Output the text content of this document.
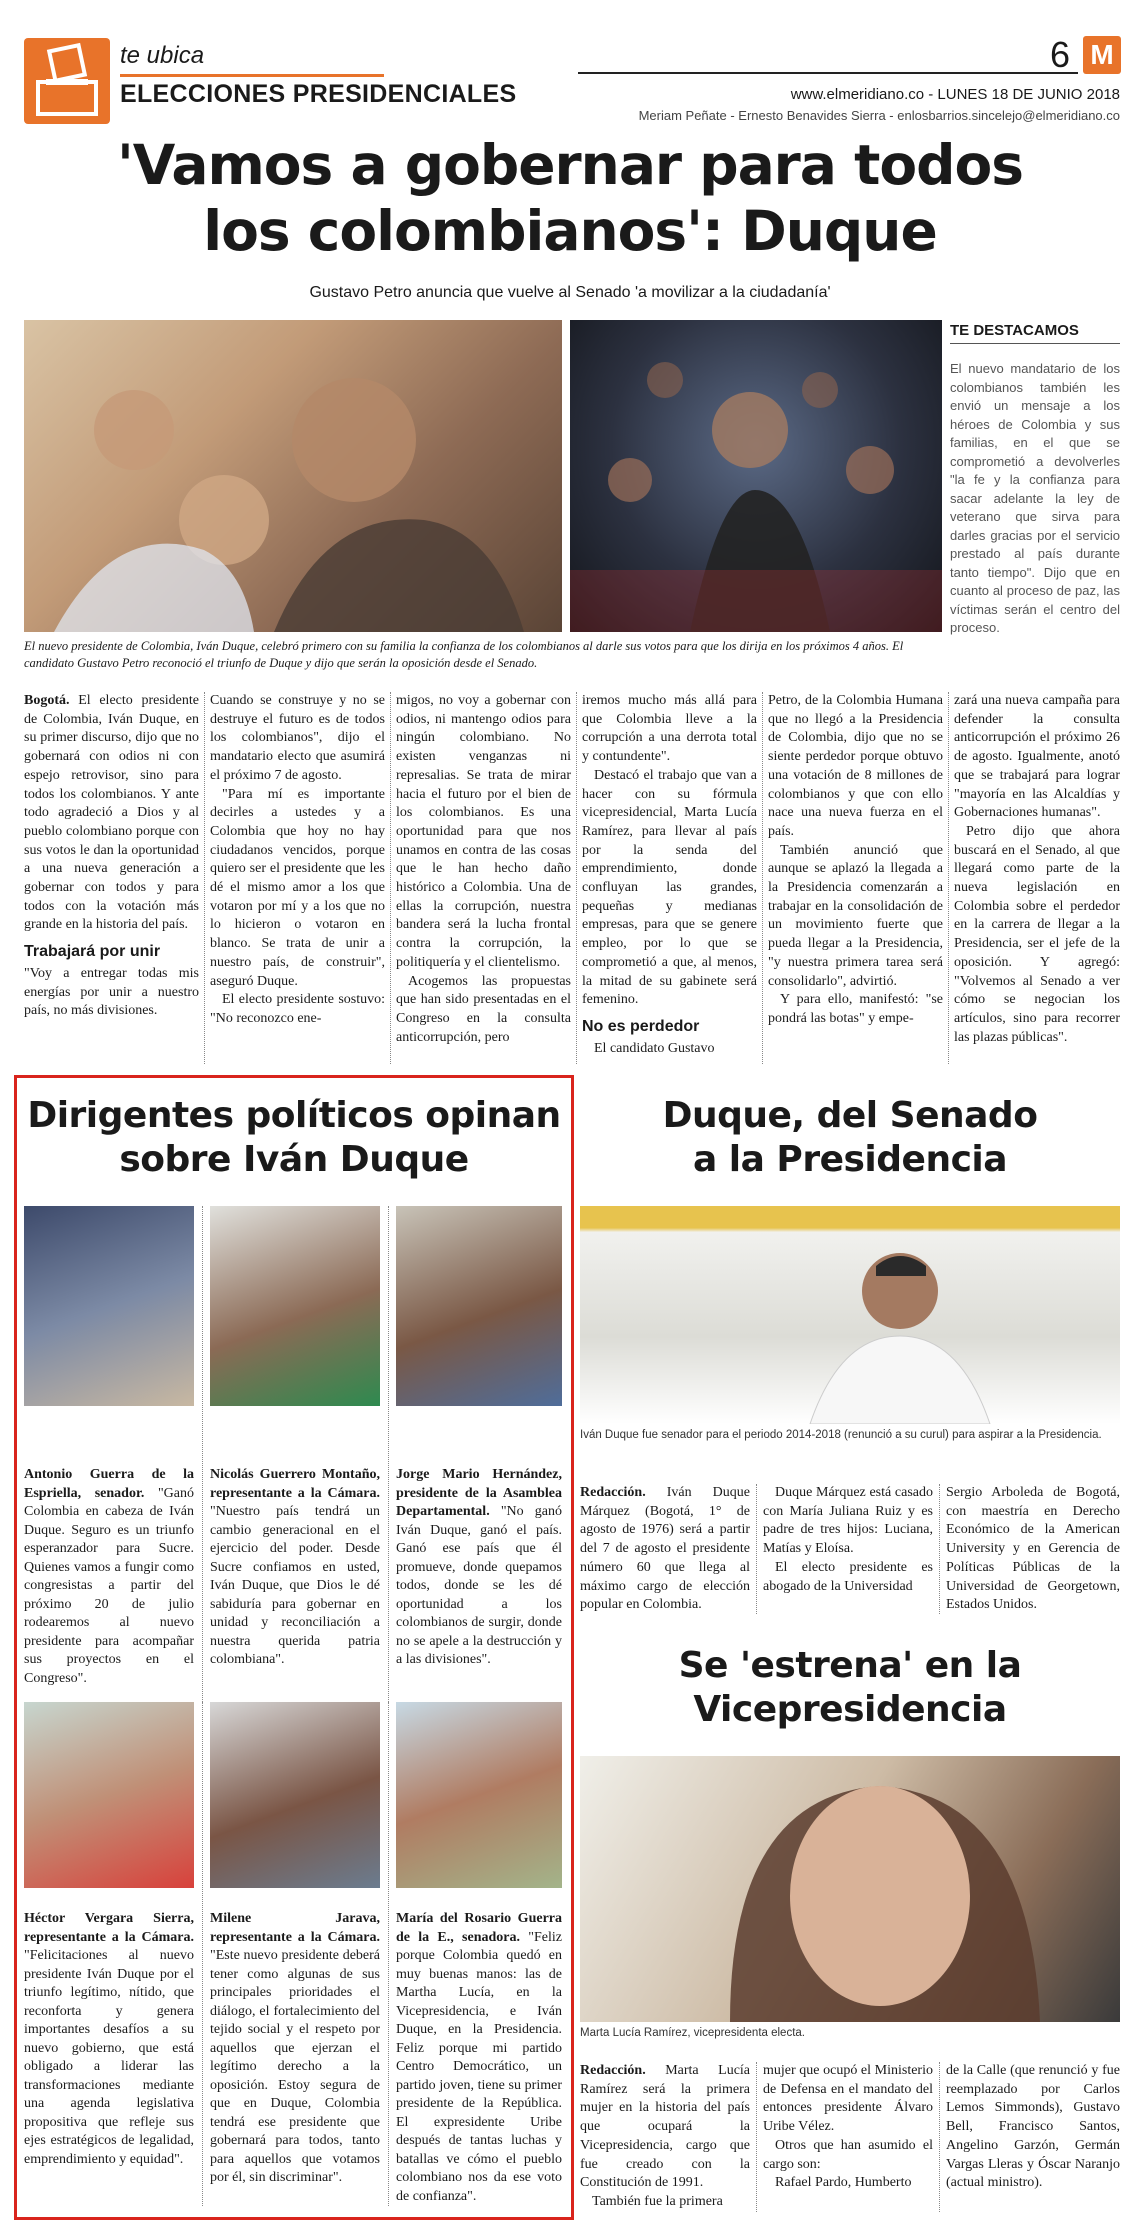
te ubica
ELECCIONES PRESIDENCIALES
6 M
www.elmeridiano.co - LUNES 18 DE JUNIO 2018
Meriam Peñate - Ernesto Benavides Sierra - enlosbarrios.sincelejo@elmeridiano.co
'Vamos a gobernar para todos
los colombianos': Duque
Gustavo Petro anuncia que vuelve al Senado 'a movilizar a la ciudadanía'
El nuevo presidente de Colombia, Iván Duque, celebró primero con su familia la confianza de los colombianos al darle sus votos para que los dirija en los próximos 4 años. El candidato Gustavo Petro reconoció el triunfo de Duque y dijo que serán la oposición desde el Senado.
TE DESTACAMOS
El nuevo mandatario de los colombianos también les envió un mensaje a los héroes de Colombia y sus familias, en el que se comprometió a devolverles "la fe y la confianza para sacar adelante la ley de veterano que sirva para darles gracias por el servicio prestado al país durante tanto tiempo". Dijo que en cuanto al proceso de paz, las víctimas serán el centro del proceso.

Bogotá. El electo presidente de Colombia, Iván Duque, en su primer discurso, dijo que no gobernará con odios ni con espejo retrovisor, sino para todos los colombianos. Y ante todo agradeció a Dios y al pueblo colombiano porque con sus votos le dan la oportunidad a una nueva generación a gobernar con todos y para todos con la votación más grande en la historia del país.

Trabajará por unir

"Voy a entregar todas mis energías por unir a nuestro país, no más divisiones.

Cuando se construye y no se destruye el futuro es de todos los colombianos", dijo el mandatario electo que asumirá el próximo 7 de agosto.

"Para mí es importante decirles a ustedes y a Colombia que hoy no hay ciudadanos vencidos, porque quiero ser el presidente que les dé el mismo amor a los que votaron por mí y a los que no lo hicieron o votaron en blanco. Se trata de unir a nuestro país, de construir", aseguró Duque.

El electo presidente sostuvo: "No reconozco ene-

migos, no voy a gobernar con odios, ni mantengo odios para ningún colombiano. No existen venganzas ni represalias. Se trata de mirar hacia el futuro por el bien de los colombianos. Es una oportunidad para que nos unamos en contra de las cosas que le han hecho daño histórico a Colombia. Una de ellas la corrupción, nuestra bandera será la lucha frontal contra la corrupción, la politiquería y el clientelismo.

Acogemos las propuestas que han sido presentadas en el Congreso en la consulta anticorrupción, pero

iremos mucho más allá para que Colombia lleve a la corrupción a una derrota total y contundente".

Destacó el trabajo que van a hacer con su fórmula vicepresidencial, Marta Lucía Ramírez, para llevar al país por la senda del emprendimiento, donde confluyan las grandes, pequeñas y medianas empresas, para que se genere empleo, por lo que se comprometió a que, al menos, la mitad de su gabinete será femenino.

No es perdedor

El candidato Gustavo

Petro, de la Colombia Humana que no llegó a la Presidencia de Colombia, dijo que no se siente perdedor porque obtuvo una votación de 8 millones de colombianos y que con ello nace una nueva fuerza en el país.

También anunció que aunque se aplazó la llegada a la Presidencia comenzarán a trabajar en la consolidación de un movimiento fuerte que pueda llegar a la Presidencia, "y nuestra primera tarea será consolidarlo", advirtió.

Y para ello, manifestó: "se pondrá las botas" y empe-

zará una nueva campaña para defender la consulta anticorrupción el próximo 26 de agosto. Igualmente, anotó que se trabajará para lograr "mayoría en las Alcaldías y Gobernaciones humanas".

Petro dijo que ahora buscará en el Senado, al que llegará como parte de la nueva legislación en Colombia sobre el perdedor en la carrera de llegar a la Presidencia, ser el jefe de la oposición. Y agregó: "Volvemos al Senado a ver cómo se negocian los artículos, sino para recorrer las plazas públicas".

Dirigentes políticos opinan sobre Iván Duque
Antonio Guerra de la Espriella, senador. "Ganó Colombia en cabeza de Iván Duque. Seguro es un triunfo esperanzador para Sucre. Quienes vamos a fungir como congresistas a partir del próximo 20 de julio rodearemos al nuevo presidente para acompañar sus proyectos en el Congreso".
Nicolás Guerrero Montaño, representante a la Cámara. "Nuestro país tendrá un cambio generacional en el ejercicio del poder. Desde Sucre confiamos en usted, Iván Duque, que Dios le dé sabiduría para gobernar en unidad y reconciliación a nuestra querida patria colombiana".
Jorge Mario Hernández, presidente de la Asamblea Departamental. "No ganó Iván Duque, ganó el país. Ganó ese país que él promueve, donde quepamos todos, donde se les dé oportunidad a los colombianos de surgir, donde no se apele a la destrucción y a las divisiones".
Héctor Vergara Sierra, representante a la Cámara. "Felicitaciones al nuevo presidente Iván Duque por el triunfo legítimo, nítido, que reconforta y genera importantes desafíos a su nuevo gobierno, que está obligado a liderar las transformaciones mediante una agenda legislativa propositiva que refleje sus ejes estratégicos de legalidad, emprendimiento y equidad".
Milene Jarava, representante a la Cámara. "Este nuevo presidente deberá tener como algunas de sus principales prioridades el diálogo, el fortalecimiento del tejido social y el respeto por aquellos que ejerzan el legítimo derecho a la oposición. Estoy segura de que en Duque, Colombia tendrá ese presidente que gobernará para todos, tanto para aquellos que votamos por él, sin discriminar".
María del Rosario Guerra de la E., senadora. "Feliz porque Colombia quedó en muy buenas manos: las de Martha Lucía, en la Vicepresidencia, e Iván Duque, en la Presidencia. Feliz porque mi partido Centro Democrático, un partido joven, tiene su primer presidente de la República. El expresidente Uribe después de tantas luchas y batallas ve cómo el pueblo colombiano nos da ese voto de confianza".
Duque, del Senado
a la Presidencia
Iván Duque fue senador para el periodo 2014-2018 (renunció a su curul) para aspirar a la Presidencia.

Redacción. Iván Duque Márquez (Bogotá, 1° de agosto de 1976) será a partir del 7 de agosto el presidente número 60 que llega al máximo cargo de elección popular en Colombia.

Duque Márquez está casado con María Juliana Ruiz y es padre de tres hijos: Luciana, Matías y Eloísa.

El electo presidente es abogado de la Universidad

Sergio Arboleda de Bogotá, con maestría en Derecho Económico de la American University y en Gerencia de Políticas Públicas de la Universidad de Georgetown, Estados Unidos.

Se 'estrena' en la
Vicepresidencia
Marta Lucía Ramírez, vicepresidenta electa.

Redacción. Marta Lucía Ramírez será la primera mujer en la historia del país que ocupará la Vicepresidencia, cargo que fue creado con la Constitución de 1991.

También fue la primera

mujer que ocupó el Ministerio de Defensa en el mandato del entonces presidente Álvaro Uribe Vélez.

Otros que han asumido el cargo son:

Rafael Pardo, Humberto

de la Calle (que renunció y fue reemplazado por Carlos Lemos Simmonds), Gustavo Bell, Francisco Santos, Angelino Garzón, Germán Vargas Lleras y Óscar Naranjo (actual ministro).
